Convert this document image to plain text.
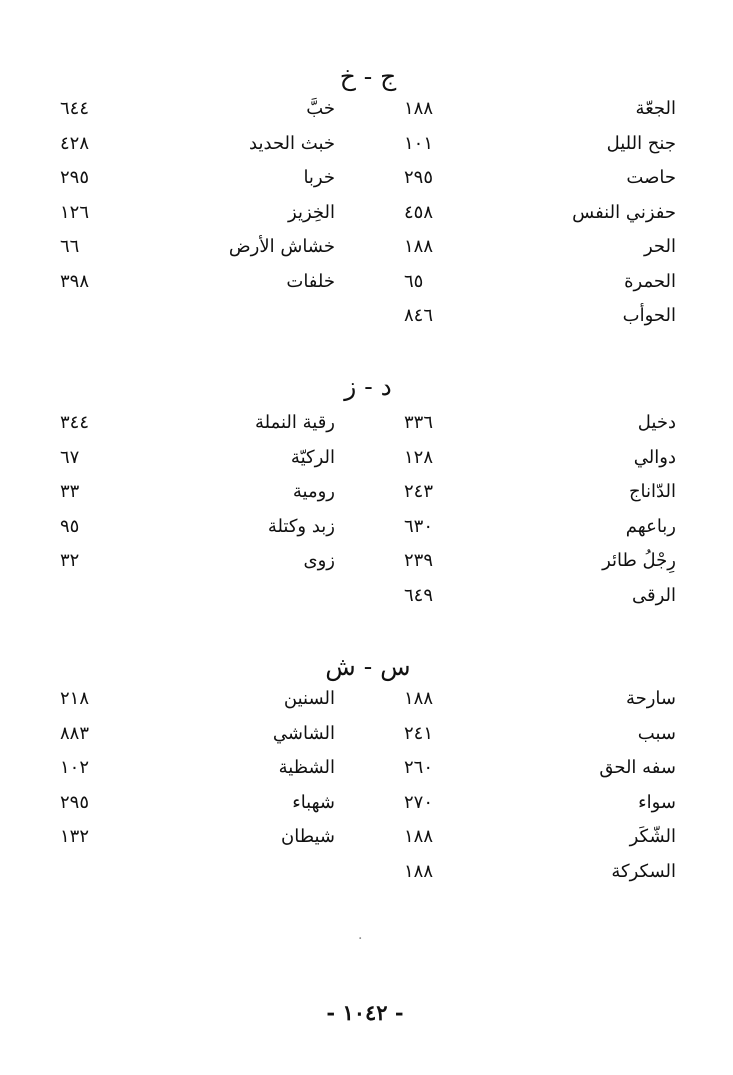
ج - خ
الجعّة
١٨٨
خبَّ
٦٤٤
جنح الليل
١٠١
خبث الحديد
٤٢٨
حاصت
٢٩٥
خربا
٢٩٥
حفزني النفس
٤٥٨
الخِزيز
١٢٦
الحر
١٨٨
خشاش الأرض
٦٦
الحمرة
٦٥
خلفات
٣٩٨
الحوأب
٨٤٦
د - ز
دخيل
٣٣٦
رقية النملة
٣٤٤
دوالي
١٢٨
الركيّة
٦٧
الدّاناج
٢٤٣
رومية
٣٣
رباعهم
٦٣٠
زبد وكتلة
٩٥
رِجْلُ طائر
٢٣٩
زوى
٣٢
الرقى
٦٤٩
س - ش
سارحة
١٨٨
السنين
٢١٨
سبب
٢٤١
الشاشي
٨٨٣
سفه الحق
٢٦٠
الشظية
١٠٢
سواء
٢٧٠
شهباء
٢٩٥
الشّكَر
١٨٨
شيطان
١٣٢
السكركة
١٨٨
·
- ١٠٤٢ -
